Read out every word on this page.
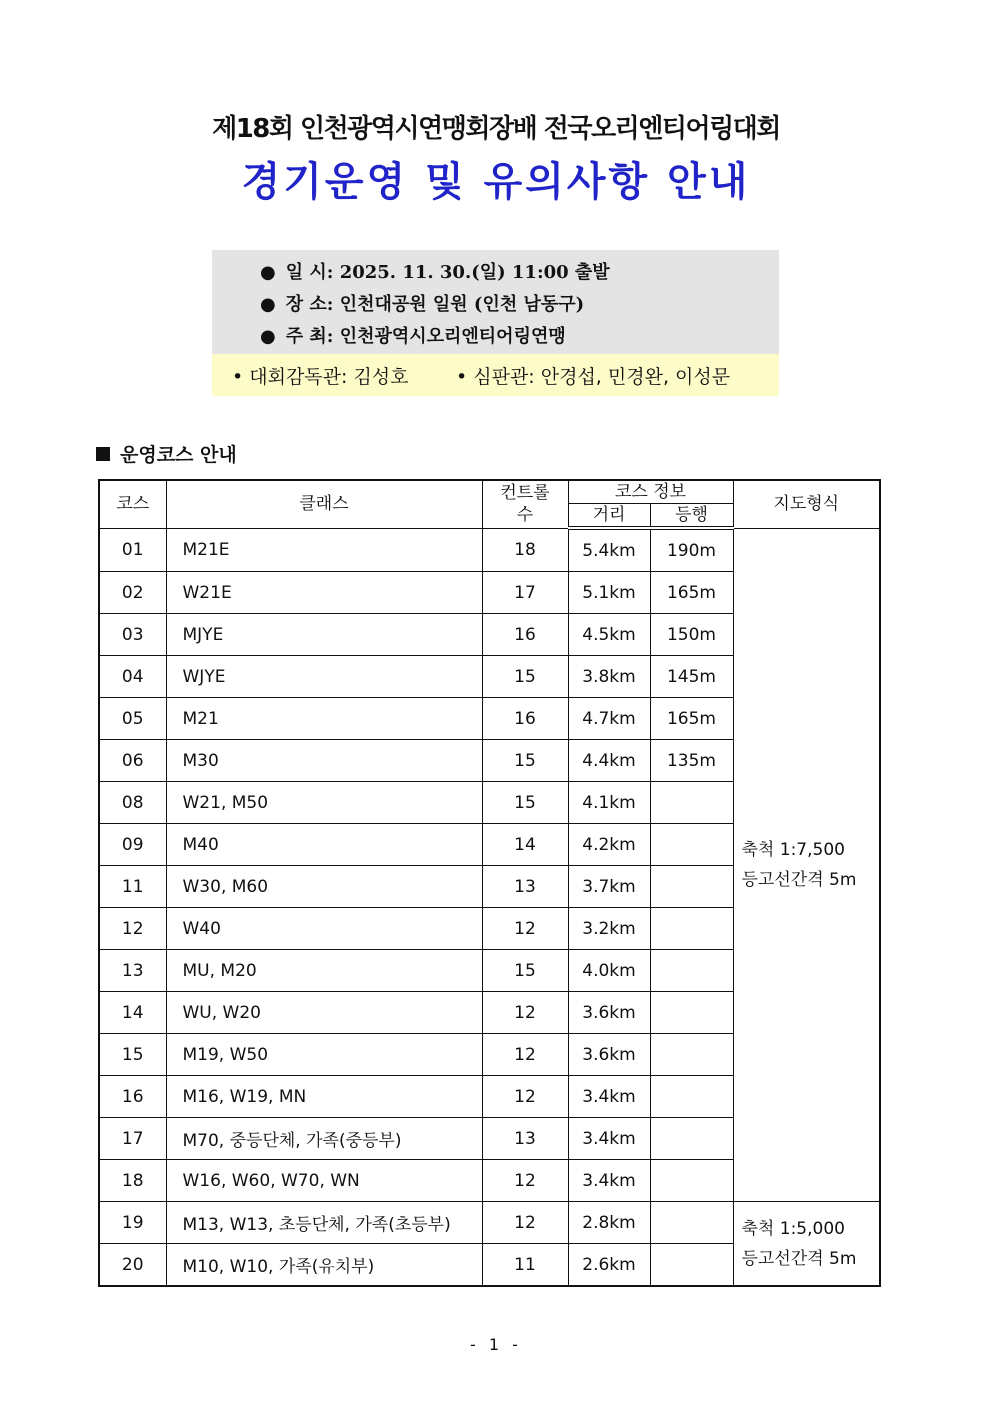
제18회 인천광역시연맹회장배 전국오리엔티어링대회
경기운영 및 유의사항 안내
● 일 시: 2025. 11. 30.(일) 11:00 출발
● 장 소: 인천대공원 일원 (인천 남동구)
● 주 최: 인천광역시오리엔티어링연맹
• 대회감독관: 김성호 • 심판관: 안경섭, 민경완, 이성문
운영코스 안내
코스	클래스	컨트롤
수	코스 정보		지도형식
			거리	등행	
01	M21E	18	5.4km	190m	축척 1:7,500
등고선간격 5m
02	W21E	17	5.1km	165m	
03	MJYE	16	4.5km	150m	
04	WJYE	15	3.8km	145m	
05	M21	16	4.7km	165m	
06	M30	15	4.4km	135m	
08	W21, M50	15	4.1km		
09	M40	14	4.2km		
11	W30, M60	13	3.7km		
12	W40	12	3.2km		
13	MU, M20	15	4.0km		
14	WU, W20	12	3.6km		
15	M19, W50	12	3.6km		
16	M16, W19, MN	12	3.4km		
17	M70, 중등단체, 가족(중등부)	13	3.4km		
18	W16, W60, W70, WN	12	3.4km		
19	M13, W13, 초등단체, 가족(초등부)	12	2.8km		축척 1:5,000
등고선간격 5m
20	M10, W10, 가족(유치부)	11	2.6km		
- 1 -
